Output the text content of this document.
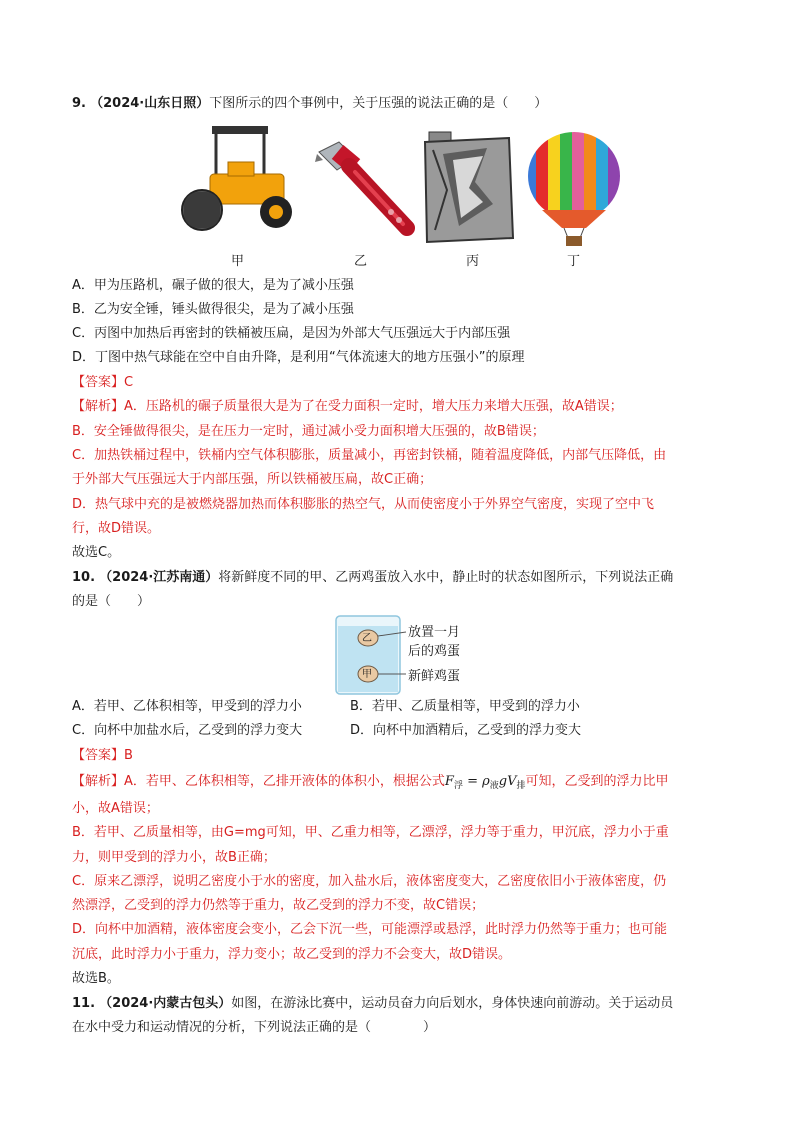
9. （2024·山东日照）下图所示的四个事例中，关于压强的说法正确的是（　　）
甲	乙	丙	丁
A．甲为压路机，碾子做的很大，是为了减小压强
B．乙为安全锤，锤头做得很尖，是为了减小压强
C．丙图中加热后再密封的铁桶被压扁，是因为外部大气压强远大于内部压强
D．丁图中热气球能在空中自由升降，是利用“气体流速大的地方压强小”的原理
【答案】C
【解析】A．压路机的碾子质量很大是为了在受力面积一定时，增大压力来增大压强，故A错误；
B．安全锤做得很尖，是在压力一定时，通过减小受力面积增大压强的，故B错误；
C．加热铁桶过程中，铁桶内空气体积膨胀，质量减小，再密封铁桶，随着温度降低，内部气压降低，由
于外部大气压强远大于内部压强，所以铁桶被压扁，故C正确；
D．热气球中充的是被燃烧器加热而体积膨胀的热空气，从而使密度小于外界空气密度，实现了空中飞
行，故D错误。
故选C。
10. （2024·江苏南通）将新鲜度不同的甲、乙两鸡蛋放入水中，静止时的状态如图所示，下列说法正确
的是（　　）
乙
甲
放置一月
后的鸡蛋
新鲜鸡蛋
A．若甲、乙体积相等，甲受到的浮力小	B．若甲、乙质量相等，甲受到的浮力小
C．向杯中加盐水后，乙受到的浮力变大	D．向杯中加酒精后，乙受到的浮力变大
【答案】B
【解析】A．若甲、乙体积相等，乙排开液体的体积小，根据公式$F_浮 = \rho_液gV_排$可知，乙受到的浮力比甲
小，故A错误；
B．若甲、乙质量相等，由G=mg可知，甲、乙重力相等，乙漂浮，浮力等于重力，甲沉底，浮力小于重
力，则甲受到的浮力小，故B正确；
C．原来乙漂浮，说明乙密度小于水的密度，加入盐水后，液体密度变大，乙密度依旧小于液体密度，仍
然漂浮，乙受到的浮力仍然等于重力，故乙受到的浮力不变，故C错误；
D．向杯中加酒精，液体密度会变小，乙会下沉一些，可能漂浮或悬浮，此时浮力仍然等于重力；也可能
沉底，此时浮力小于重力，浮力变小；故乙受到的浮力不会变大，故D错误。
故选B。
11. （2024·内蒙古包头）如图，在游泳比赛中，运动员奋力向后划水，身体快速向前游动。关于运动员
在水中受力和运动情况的分析，下列说法正确的是（　　　　）
